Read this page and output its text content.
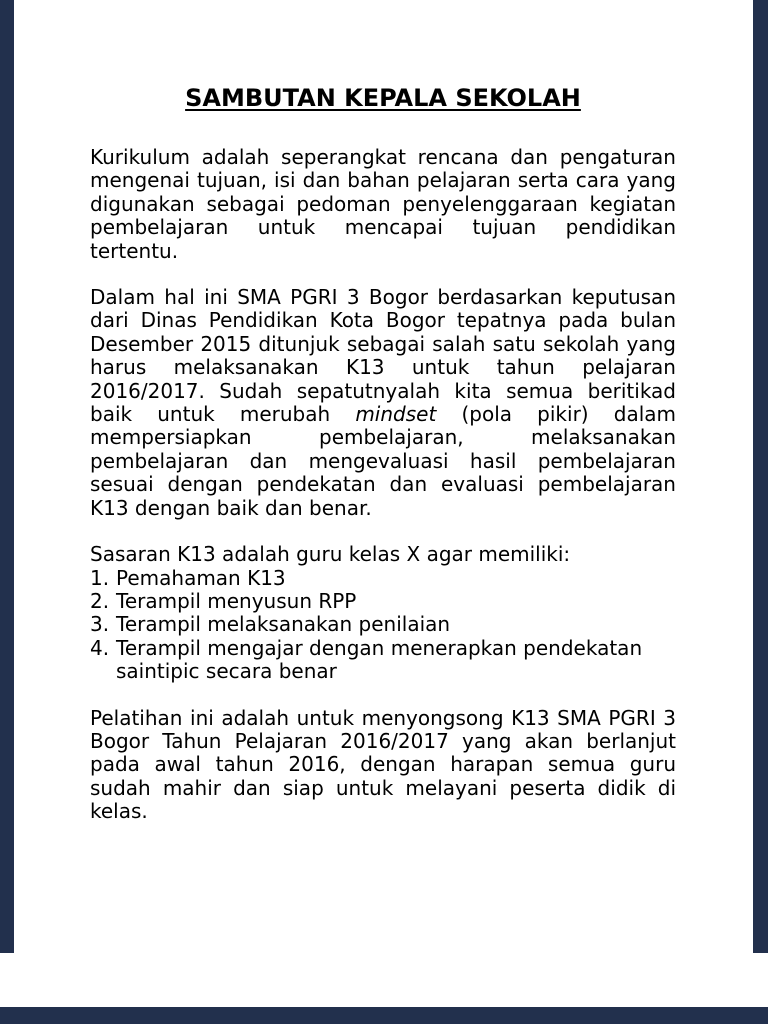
SAMBUTAN KEPALA SEKOLAH

Kurikulum adalah seperangkat rencana dan pengaturan mengenai tujuan, isi dan bahan pelajaran serta cara yang digunakan sebagai pedoman penyelenggaraan kegiatan pembelajaran untuk mencapai tujuan pendidikan tertentu.

Dalam hal ini SMA PGRI 3 Bogor berdasarkan keputusan dari Dinas Pendidikan Kota Bogor tepatnya pada bulan Desember 2015 ditunjuk sebagai salah satu sekolah yang harus melaksanakan K13 untuk tahun pelajaran 2016/2017. Sudah sepatutnyalah kita semua beritikad baik untuk merubah mindset (pola pikir) dalam mempersiapkan pembelajaran, melaksanakan pembelajaran dan mengevaluasi hasil pembelajaran sesuai dengan pendekatan dan evaluasi pembelajaran K13 dengan baik dan benar.

Sasaran K13 adalah guru kelas X agar memiliki:
1. Pemahaman K13
2. Terampil menyusun RPP
3. Terampil melaksanakan penilaian
4. Terampil mengajar dengan menerapkan pendekatan saintipic secara benar

Pelatihan ini adalah untuk menyongsong K13 SMA PGRI 3 Bogor Tahun Pelajaran 2016/2017 yang akan berlanjut pada awal tahun 2016, dengan harapan semua guru sudah mahir dan siap untuk melayani peserta didik di kelas.
